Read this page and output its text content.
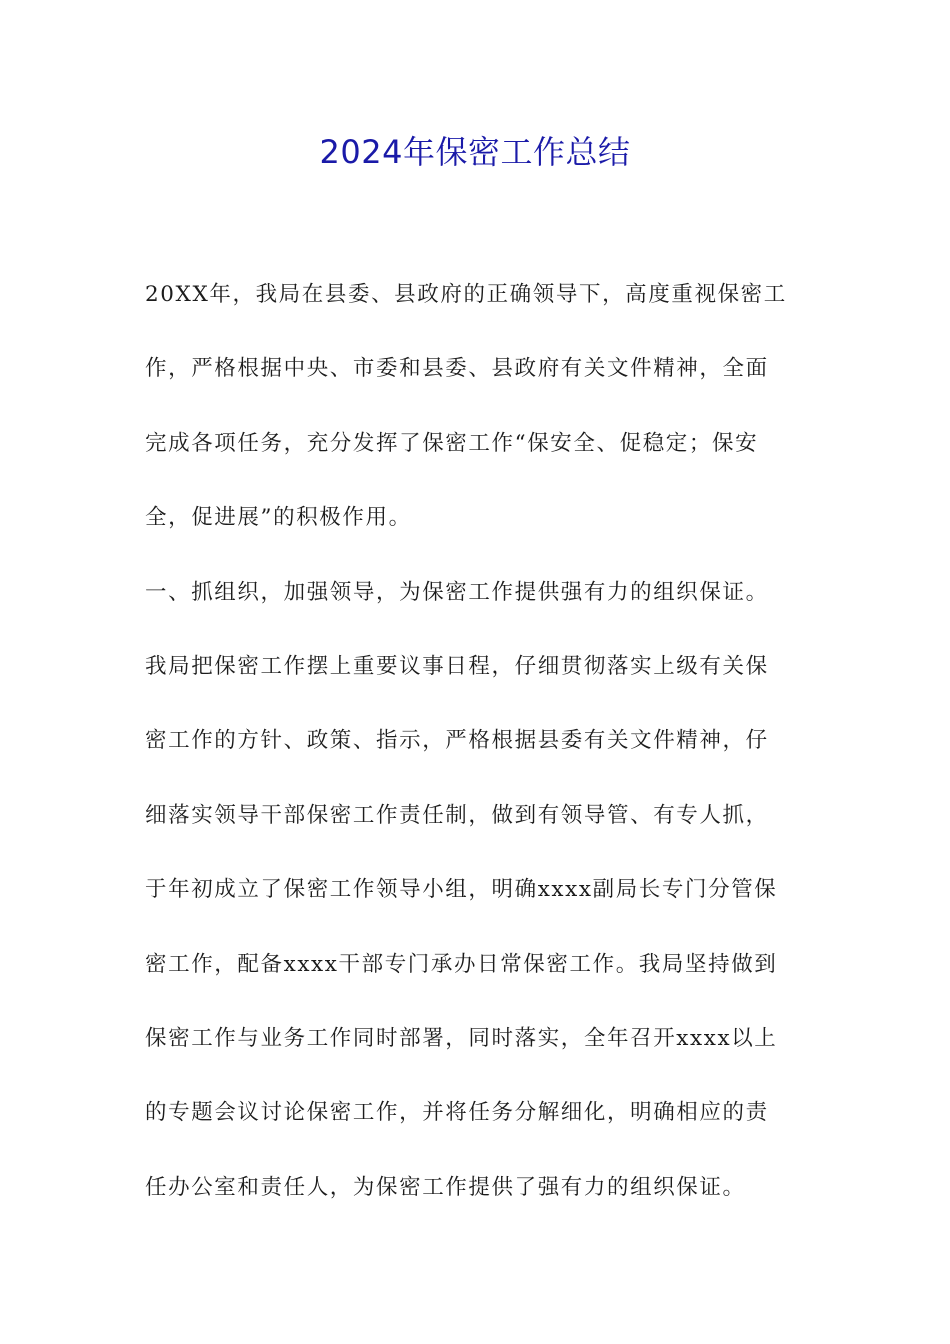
2024年保密工作总结
20XX年，我局在县委、县政府的正确领导下，高度重视保密工
作，严格根据中央、市委和县委、县政府有关文件精神，全面
完成各项任务，充分发挥了保密工作“保安全、促稳定；保安
全，促进展”的积极作用。
一、抓组织，加强领导，为保密工作提供强有力的组织保证。
我局把保密工作摆上重要议事日程，仔细贯彻落实上级有关保
密工作的方针、政策、指示，严格根据县委有关文件精神，仔
细落实领导干部保密工作责任制，做到有领导管、有专人抓，
于年初成立了保密工作领导小组，明确xxxx副局长专门分管保
密工作，配备xxxx干部专门承办日常保密工作。我局坚持做到
保密工作与业务工作同时部署，同时落实，全年召开xxxx以上
的专题会议讨论保密工作，并将任务分解细化，明确相应的责
任办公室和责任人，为保密工作提供了强有力的组织保证。
